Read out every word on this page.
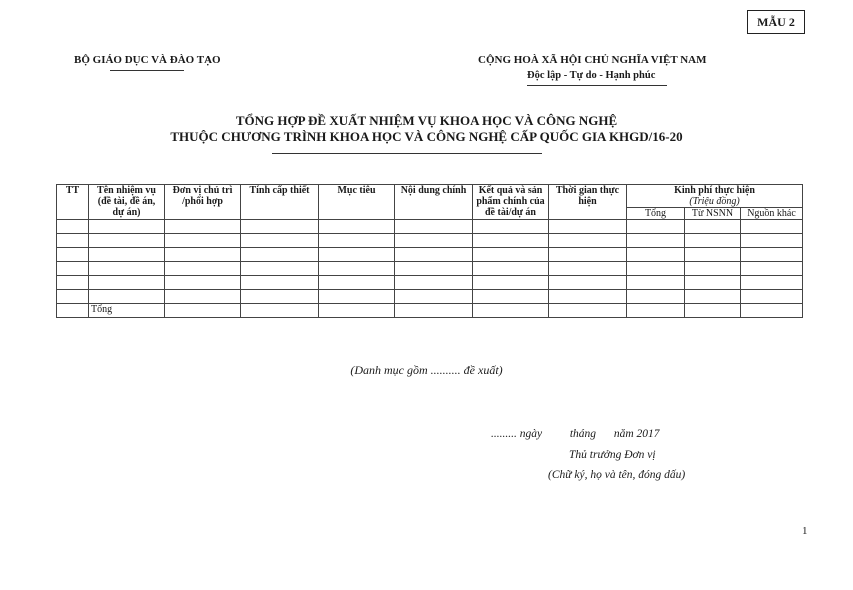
MẪU 2
BỘ GIÁO DỤC VÀ ĐÀO TẠO	CỘNG HOÀ XÃ HỘI CHỦ NGHĨA VIỆT NAM
Độc lập - Tự do - Hạnh phúc
TỔNG HỢP ĐỀ XUẤT NHIỆM VỤ KHOA HỌC VÀ CÔNG NGHỆ
THUỘC CHƯƠNG TRÌNH KHOA HỌC VÀ CÔNG NGHỆ CẤP QUỐC GIA KHGD/16-20
TT	Tên nhiệm vụ (đề tài, đề án, dự án)	Đơn vị chủ trì /phối hợp	Tính cấp thiết	Mục tiêu	Nội dung chính	Kết quả và sản phẩm chính của đề tài/dự án	Thời gian thực hiện	Kinh phí thực hiện
(Triệu đồng)		

								Tổng	Từ NSNN	Nguồn khác

	Tổng									
(Danh mục gồm .......... đề xuất)
......... ngày tháng năm 2017
Thủ trưởng Đơn vị
(Chữ ký, họ và tên, đóng dấu)
1
